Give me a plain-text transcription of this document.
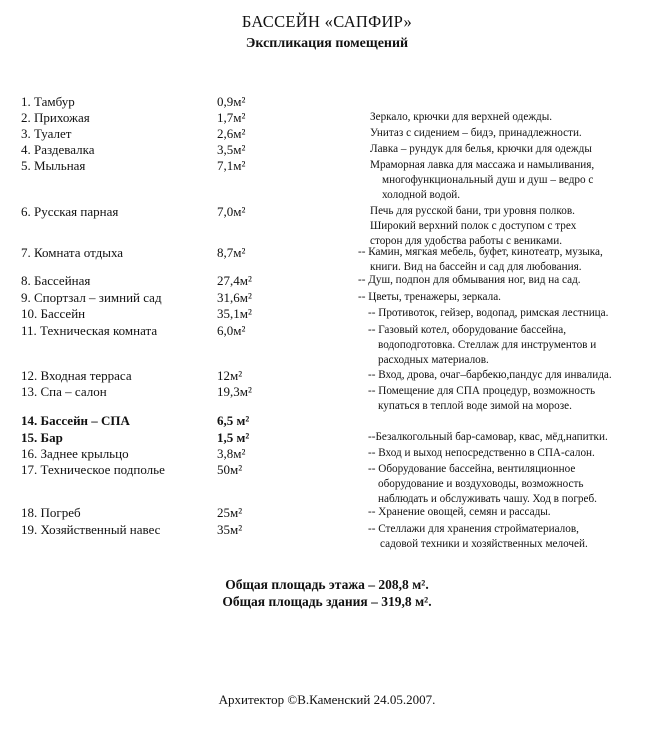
БАССЕЙН «САПФИР»
Экспликация помещений
1. Тамбур	0,9м²
2. Прихожая	1,7м²	Зеркало, крючки для верхней одежды.
3. Туалет	2,6м²	Унитаз с сидением – бидэ, принадлежности.
4. Раздевалка	3,5м²	Лавка – рундук для белья, крючки для одежды
5. Мыльная	7,1м²	Мраморная лавка для массажа и намыливания,
многофункциональный душ и душ – ведро с
холодной водой.
6. Русская парная	7,0м²	Печь для русской бани, три уровня полков.
Широкий верхний полок с доступом с трех
сторон для удобства работы с вениками.
7. Комната отдыха	8,7м²	-- Камин, мягкая мебель, буфет, кинотеатр, музыка,
книги. Вид на бассейн и сад для любования.
8. Бассейная	27,4м²	-- Душ, подпон для обмывания ног, вид на сад.
9. Спортзал – зимний сад	31,6м²	-- Цветы, тренажеры, зеркала.
10. Бассейн	35,1м²	-- Противоток, гейзер, водопад, римская лестница.
11. Техническая комната	6,0м²	-- Газовый котел, оборудование бассейна,
водоподготовка. Стеллаж для инструментов и
расходных материалов.
12. Входная терраса	12м²	-- Вход, дрова, очаг–барбекю,пандус для инвалида.
13. Спа – салон	19,3м²	-- Помещение для СПА процедур, возможность
купаться в теплой воде зимой на морозе.
14. Бассейн – СПА	6,5 м²
15. Бар	1,5 м²	--Безалкогольный бар-самовар, квас, мёд,напитки.
16. Заднее крыльцо	3,8м²	-- Вход и выход непосредственно в СПА-салон.
17. Техническое подполье	50м²	-- Оборудование бассейна, вентиляционное
оборудование и воздуховоды, возможность
наблюдать и обслуживать чашу. Ход в погреб.
18. Погреб	25м²	-- Хранение овощей, семян и рассады.
19. Хозяйственный навес	35м²	-- Стеллажи для хранения стройматериалов,
садовой техники и хозяйственных мелочей.
Общая площадь этажа – 208,8 м².
Общая площадь здания – 319,8 м².
Архитектор ©В.Каменский 24.05.2007.
